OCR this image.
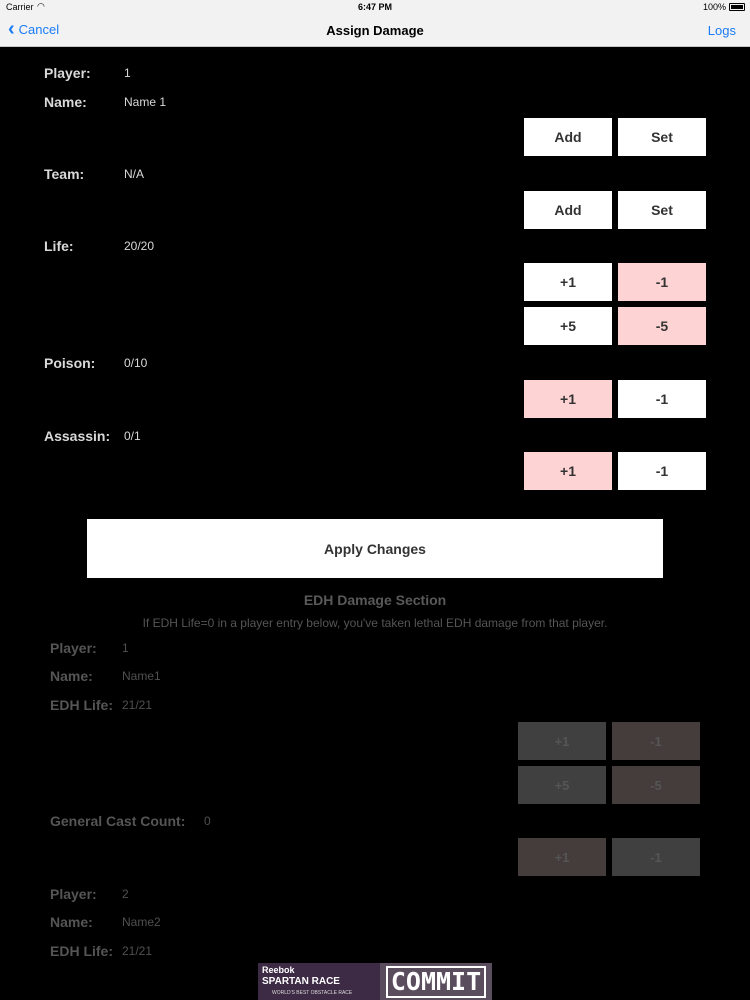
Carrier ◠	6:47 PM	100%
‹ Cancel	Assign Damage	Logs
Player:	1
Name:	Name 1
Add	Set
Team:	N/A
Add	Set
Life:	20/20
+1	-1
+5	-5
Poison: 0/10
+1	-1
Assassin: 0/1
+1	-1
Apply Changes
EDH Damage Section
If EDH Life=0 in a player entry below, you've taken lethal EDH damage from that player.
Player: 1
Name: Name1
EDH Life: 21/21
+1	-1
+5	-5
General Cast Count: 0
+1	-1
Player: 2
Name: Name2
EDH Life: 21/21
Reebok
SPARTAN RACE
WORLD'S BEST OBSTACLE RACE COMMIT
